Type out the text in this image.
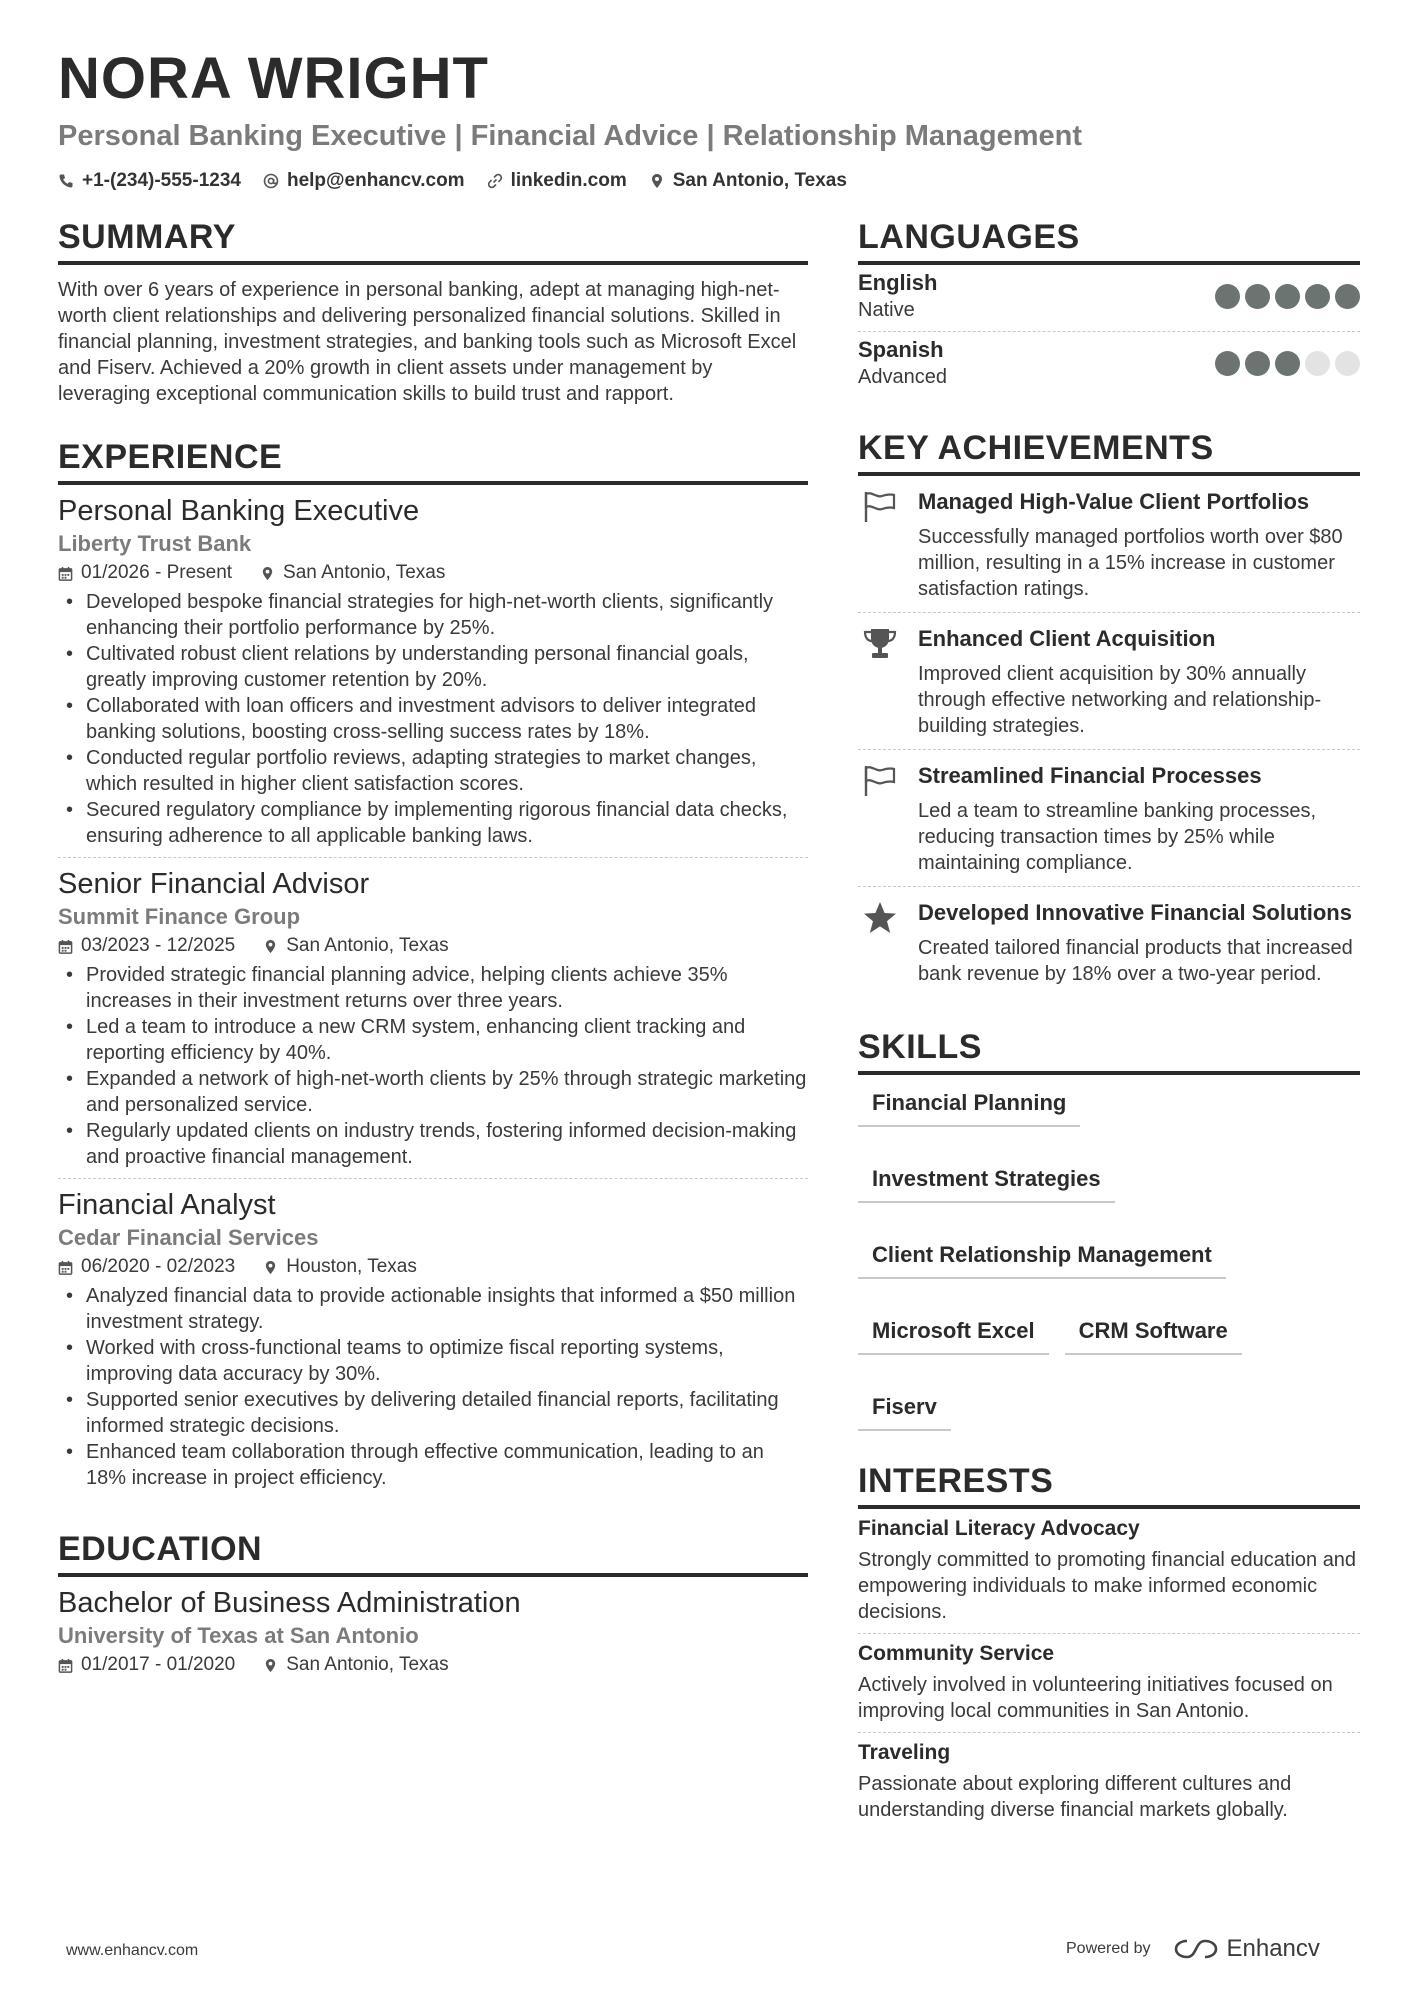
NORA WRIGHT
Personal Banking Executive | Financial Advice | Relationship Management
+1-(234)-555-1234 help@enhancv.com linkedin.com San Antonio, Texas
SUMMARY
With over 6 years of experience in personal banking, adept at managing high-net-worth client relationships and delivering personalized financial solutions. Skilled in financial planning, investment strategies, and banking tools such as Microsoft Excel and Fiserv. Achieved a 20% growth in client assets under management by leveraging exceptional communication skills to build trust and rapport.
EXPERIENCE
Personal Banking Executive
Liberty Trust Bank
01/2026 - Present	San Antonio, Texas
• Developed bespoke financial strategies for high-net-worth clients, significantly enhancing their portfolio performance by 25%.
• Cultivated robust client relations by understanding personal financial goals, greatly improving customer retention by 20%.
• Collaborated with loan officers and investment advisors to deliver integrated banking solutions, boosting cross-selling success rates by 18%.
• Conducted regular portfolio reviews, adapting strategies to market changes, which resulted in higher client satisfaction scores.
• Secured regulatory compliance by implementing rigorous financial data checks, ensuring adherence to all applicable banking laws.
Senior Financial Advisor
Summit Finance Group
03/2023 - 12/2025	San Antonio, Texas
• Provided strategic financial planning advice, helping clients achieve 35% increases in their investment returns over three years.
• Led a team to introduce a new CRM system, enhancing client tracking and reporting efficiency by 40%.
• Expanded a network of high-net-worth clients by 25% through strategic marketing and personalized service.
• Regularly updated clients on industry trends, fostering informed decision-making and proactive financial management.
Financial Analyst
Cedar Financial Services
06/2020 - 02/2023	Houston, Texas
• Analyzed financial data to provide actionable insights that informed a $50 million investment strategy.
• Worked with cross-functional teams to optimize fiscal reporting systems, improving data accuracy by 30%.
• Supported senior executives by delivering detailed financial reports, facilitating informed strategic decisions.
• Enhanced team collaboration through effective communication, leading to an 18% increase in project efficiency.
EDUCATION
Bachelor of Business Administration
University of Texas at San Antonio
01/2017 - 01/2020	San Antonio, Texas
LANGUAGES
English
Native
Spanish
Advanced
KEY ACHIEVEMENTS
Managed High-Value Client Portfolios
Successfully managed portfolios worth over $80 million, resulting in a 15% increase in customer satisfaction ratings.
Enhanced Client Acquisition
Improved client acquisition by 30% annually through effective networking and relationship-building strategies.
Streamlined Financial Processes
Led a team to streamline banking processes, reducing transaction times by 25% while maintaining compliance.
Developed Innovative Financial Solutions
Created tailored financial products that increased bank revenue by 18% over a two-year period.
SKILLS
Financial Planning
Investment Strategies
Client Relationship Management
Microsoft Excel	CRM Software
Fiserv
INTERESTS
Financial Literacy Advocacy
Strongly committed to promoting financial education and empowering individuals to make informed economic decisions.
Community Service
Actively involved in volunteering initiatives focused on improving local communities in San Antonio.
Traveling
Passionate about exploring different cultures and understanding diverse financial markets globally.
www.enhancv.com	Powered by	Enhancv
